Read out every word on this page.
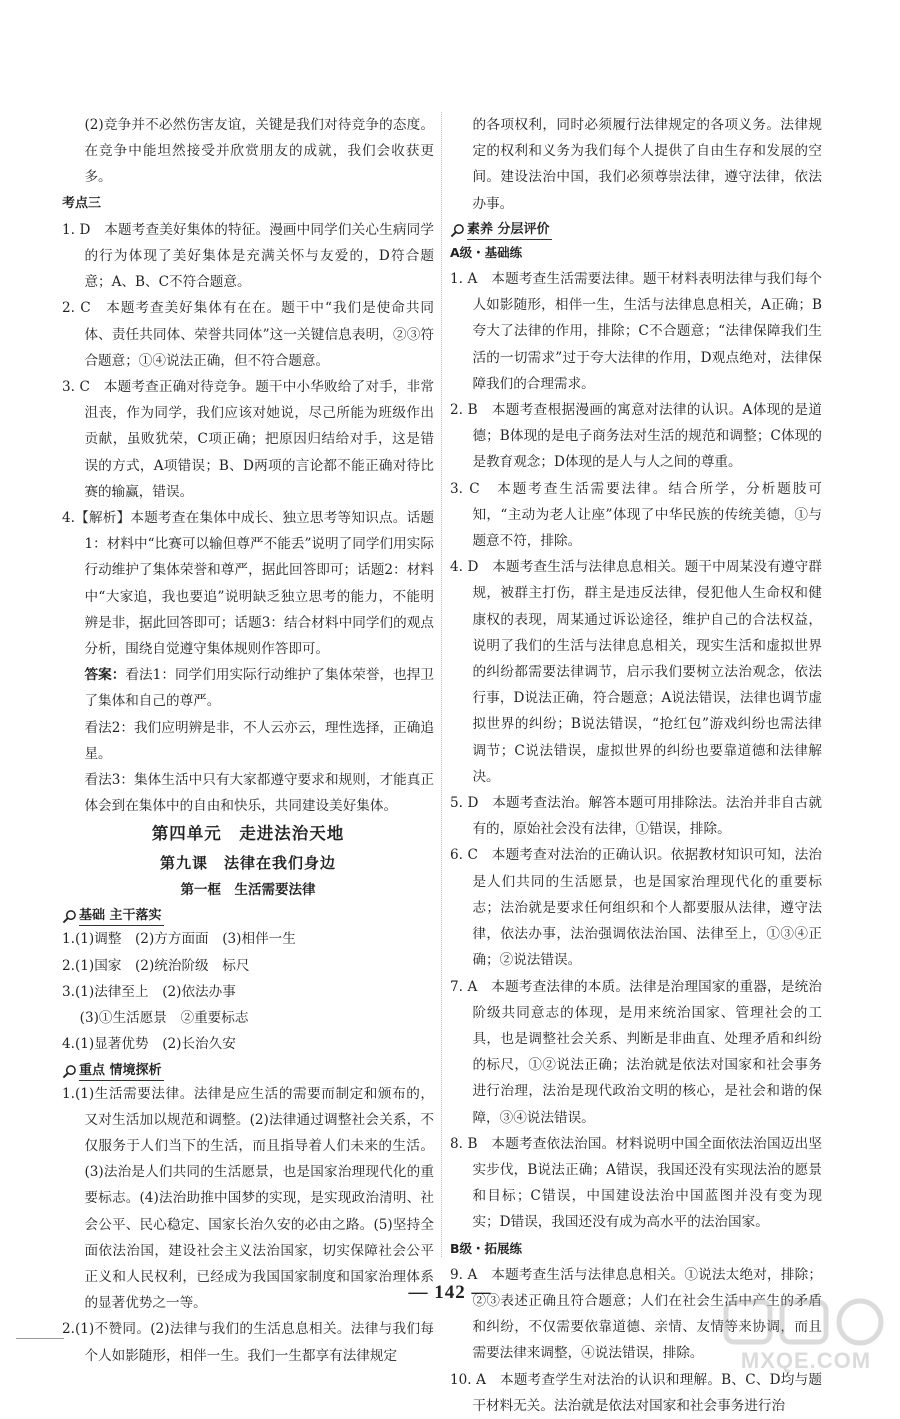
(2)竞争并不必然伤害友谊，关键是我们对待竞争的态度。在竞争中能坦然接受并欣赏朋友的成就，我们会收获更多。

考点三

1. D　本题考查美好集体的特征。漫画中同学们关心生病同学的行为体现了美好集体是充满关怀与友爱的，D符合题意；A、B、C不符合题意。

2. C　本题考查美好集体有在在。题干中“我们是使命共同体、责任共同体、荣誉共同体”这一关键信息表明，②③符合题意；①④说法正确，但不符合题意。

3. C　本题考查正确对待竞争。题干中小华败给了对手，非常沮丧，作为同学，我们应该对她说，尽己所能为班级作出贡献，虽败犹荣，C项正确；把原因归结给对手，这是错误的方式，A项错误；B、D两项的言论都不能正确对待比赛的输赢，错误。

4.【解析】本题考查在集体中成长、独立思考等知识点。话题1：材料中“比赛可以输但尊严不能丢”说明了同学们用实际行动维护了集体荣誉和尊严，据此回答即可；话题2：材料中“大家追，我也要追”说明缺乏独立思考的能力，不能明辨是非，据此回答即可；话题3：结合材料中同学们的观点分析，围绕自觉遵守集体规则作答即可。

答案：看法1：同学们用实际行动维护了集体荣誉，也捍卫了集体和自己的尊严。

看法2：我们应明辨是非，不人云亦云，理性选择，正确追星。

看法3：集体生活中只有大家都遵守要求和规则，才能真正体会到在集体中的自由和快乐，共同建设美好集体。

第四单元　走进法治天地
第九课　法律在我们身边
第一框　生活需要法律
基础 主干落实

1.(1)调整　(2)方方面面　(3)相伴一生

2.(1)国家　(2)统治阶级　标尺

3.(1)法律至上　(2)依法办事

(3)①生活愿景　②重要标志

4.(1)显著优势　(2)长治久安

重点 情境探析

1.(1)生活需要法律。法律是应生活的需要而制定和颁布的，又对生活加以规范和调整。(2)法律通过调整社会关系，不仅服务于人们当下的生活，而且指导着人们未来的生活。(3)法治是人们共同的生活愿景，也是国家治理现代化的重要标志。(4)法治助推中国梦的实现，是实现政治清明、社会公平、民心稳定、国家长治久安的必由之路。(5)坚持全面依法治国，建设社会主义法治国家，切实保障社会公平正义和人民权利，已经成为我国国家制度和国家治理体系的显著优势之一等。

2.(1)不赞同。(2)法律与我们的生活息息相关。法律与我们每个人如影随形，相伴一生。我们一生都享有法律规定

的各项权利，同时必须履行法律规定的各项义务。法律规定的权利和义务为我们每个人提供了自由生存和发展的空间。建设法治中国，我们必须尊崇法律，遵守法律，依法办事。

素养 分层评价

A级・基础练

1. A　本题考查生活需要法律。题干材料表明法律与我们每个人如影随形，相伴一生，生活与法律息息相关，A正确；B夸大了法律的作用，排除；C不合题意；“法律保障我们生活的一切需求”过于夸大法律的作用，D观点绝对，法律保障我们的合理需求。

2. B　本题考查根据漫画的寓意对法律的认识。A体现的是道德；B体现的是电子商务法对生活的规范和调整；C体现的是教育观念；D体现的是人与人之间的尊重。

3. C　本题考查生活需要法律。结合所学，分析题肢可知，“主动为老人让座”体现了中华民族的传统美德，①与题意不符，排除。

4. D　本题考查生活与法律息息相关。题干中周某没有遵守群规，被群主打伤，群主是违反法律，侵犯他人生命权和健康权的表现，周某通过诉讼途径，维护自己的合法权益，说明了我们的生活与法律息息相关，现实生活和虚拟世界的纠纷都需要法律调节，启示我们要树立法治观念，依法行事，D说法正确，符合题意；A说法错误，法律也调节虚拟世界的纠纷；B说法错误，“抢红包”游戏纠纷也需法律调节；C说法错误，虚拟世界的纠纷也要靠道德和法律解决。

5. D　本题考查法治。解答本题可用排除法。法治并非自古就有的，原始社会没有法律，①错误，排除。

6. C　本题考查对法治的正确认识。依据教材知识可知，法治是人们共同的生活愿景，也是国家治理现代化的重要标志；法治就是要求任何组织和个人都要服从法律，遵守法律，依法办事，法治强调依法治国、法律至上，①③④正确；②说法错误。

7. A　本题考查法律的本质。法律是治理国家的重器，是统治阶级共同意志的体现，是用来统治国家、管理社会的工具，也是调整社会关系、判断是非曲直、处理矛盾和纠纷的标尺，①②说法正确；法治就是依法对国家和社会事务进行治理，法治是现代政治文明的核心，是社会和谐的保障，③④说法错误。

8. B　本题考查依法治国。材料说明中国全面依法治国迈出坚实步伐，B说法正确；A错误，我国还没有实现法治的愿景和目标；C错误，中国建设法治中国蓝图并没有变为现实；D错误，我国还没有成为高水平的法治国家。

B级・拓展练

9. A　本题考查生活与法律息息相关。①说法太绝对，排除；②③表述正确且符合题意；人们在社会生活中产生的矛盾和纠纷，不仅需要依靠道德、亲情、友情等来协调，而且需要法律来调整，④说法错误，排除。

10. A　本题考查学生对法治的认识和理解。B、C、D均与题干材料无关。法治就是依法对国家和社会事务进行治

— 142 —
MXQE.COM
